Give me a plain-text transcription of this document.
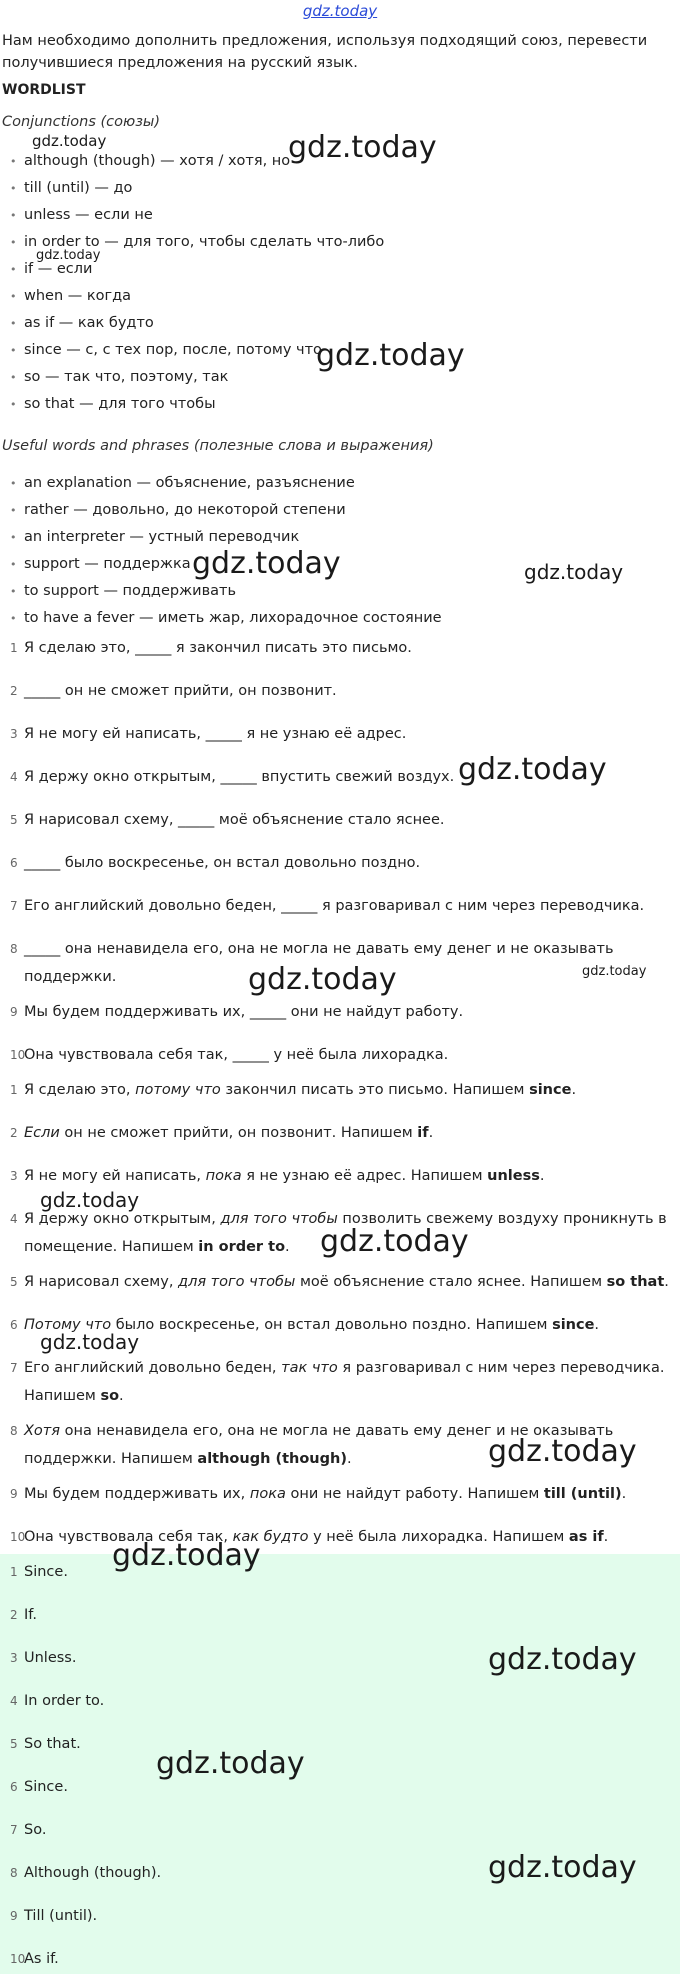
gdz.today

Нам необходимо дополнить предложения, используя подходящий союз, перевести получившиеся предложения на русский язык.

WORDLIST
Conjunctions (союзы)
• although (though) — хотя / хотя, но
• till (until) — до
• unless — если не
• in order to — для того, чтобы сделать что-либо
• if — если
• when — когда
• as if — как будто
• since — с, с тех пор, после, потому что
• so — так что, поэтому, так
• so that — для того чтобы
Useful words and phrases (полезные слова и выражения)
• an explanation — объяснение, разъяснение
• rather — довольно, до некоторой степени
• an interpreter — устный переводчик
• support — поддержка
• to support — поддерживать
• to have a fever — иметь жар, лихорадочное состояние
1 Я сделаю это, _____ я закончил писать это письмо.
2 _____ он не сможет прийти, он позвонит.
3 Я не могу ей написать, _____ я не узнаю её адрес.
4 Я держу окно открытым, _____ впустить свежий воздух.
5 Я нарисовал схему, _____ моё объяснение стало яснее.
6 _____ было воскресенье, он встал довольно поздно.
7 Его английский довольно беден, _____ я разговаривал с ним через переводчика.
8 _____ она ненавидела его, она не могла не давать ему денег и не оказывать поддержки.
9 Мы будем поддерживать их, _____ они не найдут работу.
10
Она чувствовала себя так, _____ у неё была лихорадка.
1 Я сделаю это, потому что закончил писать это письмо. Напишем since.
2 Если он не сможет прийти, он позвонит. Напишем if.
3 Я не могу ей написать, пока я не узнаю её адрес. Напишем unless.
4 Я держу окно открытым, для того чтобы позволить свежему воздуху проникнуть в помещение. Напишем in order to.
5 Я нарисовал схему, для того чтобы моё объяснение стало яснее. Напишем so that.
6 Потому что было воскресенье, он встал довольно поздно. Напишем since.
7 Его английский довольно беден, так что я разговаривал с ним через переводчика. Напишем so.
8 Хотя она ненавидела его, она не могла не давать ему денег и не оказывать поддержки. Напишем although (though).
9 Мы будем поддерживать их, пока они не найдут работу. Напишем till (until).
10
Она чувствовала себя так, как будто у неё была лихорадка. Напишем as if.
1 Since.
2 If.
3 Unless.
4 In order to.
5 So that.
6 Since.
7 So.
8 Although (though).
9 Till (until).
10
As if.
gdz.today
gdz.today
gdz.today
gdz.today
gdz.today	gdz.today
gdz.today
gdz.today	gdz.today
gdz.today
gdz.today
gdz.today
gdz.today
gdz.today
gdz.today
gdz.today
gdz.today
